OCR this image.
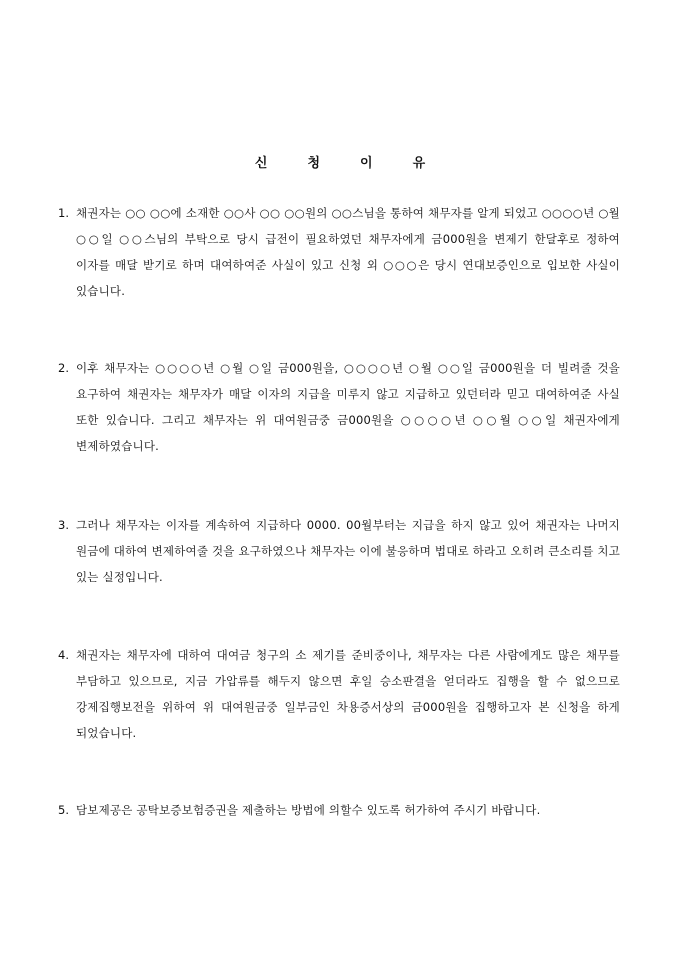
신	청	이	유
1. 채권자는 ○○ ○○에 소재한 ○○사 ○○ ○○원의 ○○스님을 통하여 채무자를 알게 되었고 ○○○○년 ○월 ○○일 ○○스님의 부탁으로 당시 급전이 필요하였던 채무자에게 금000원을 변제기 한달후로 정하여 이자를 매달 받기로 하며 대여하여준 사실이 있고 신청 외 ○○○은 당시 연대보증인으로 입보한 사실이 있습니다.
2. 이후 채무자는 ○○○○년 ○월 ○일 금000원을, ○○○○년 ○월 ○○일 금000원을 더 빌려줄 것을 요구하여 채권자는 채무자가 매달 이자의 지급을 미루지 않고 지급하고 있던터라 믿고 대여하여준 사실 또한 있습니다. 그리고 채무자는 위 대여원금중 금000원을 ○○○○년 ○○월 ○○일 채권자에게 변제하였습니다.
3. 그러나 채무자는 이자를 계속하여 지급하다 0000. 00월부터는 지급을 하지 않고 있어 채권자는 나머지 원금에 대하여 변제하여줄 것을 요구하였으나 채무자는 이에 불응하며 법대로 하라고 오히려 큰소리를 치고 있는 실정입니다.
4. 채권자는 채무자에 대하여 대여금 청구의 소 제기를 준비중이나, 채무자는 다른 사람에게도 많은 채무를 부담하고 있으므로, 지금 가압류를 해두지 않으면 후일 승소판결을 얻더라도 집행을 할 수 없으므로 강제집행보전을 위하여 위 대여원금중 일부금인 차용증서상의 금000원을 집행하고자 본 신청을 하게 되었습니다.
5. 담보제공은 공탁보증보험증권을 제출하는 방법에 의할수 있도록 허가하여 주시기 바랍니다.
